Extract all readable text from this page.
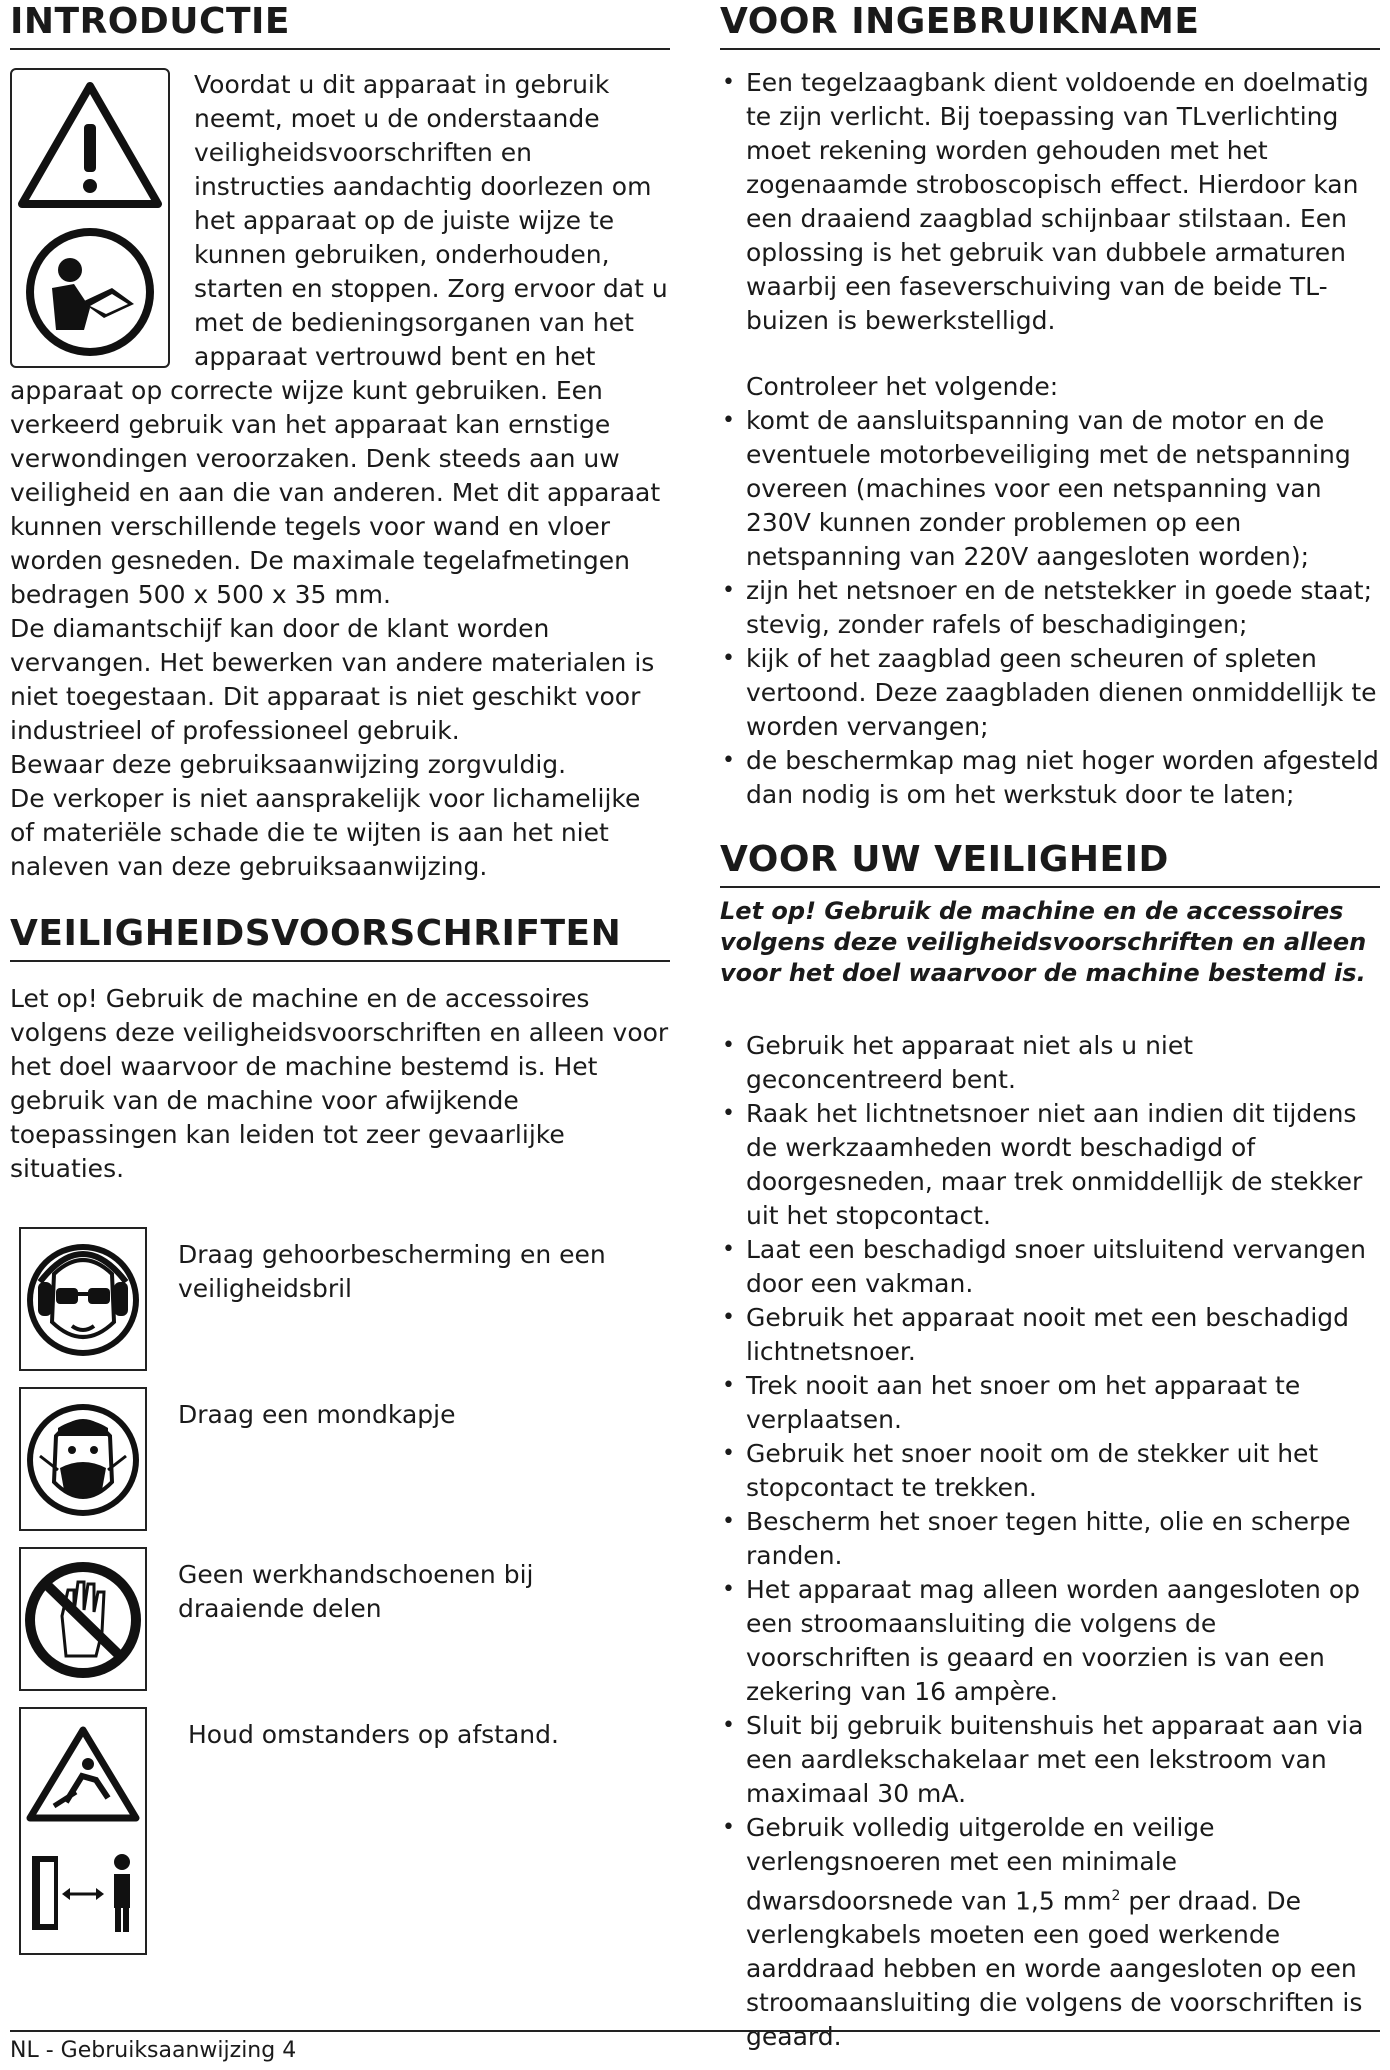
INTRODUCTIE

Voordat u dit apparaat in gebruik neemt, moet u de onderstaande veiligheidsvoorschriften en instructies aandachtig doorlezen om het apparaat op de juiste wijze te kunnen gebruiken, onderhouden, starten en stoppen. Zorg ervoor dat u met de bedieningsorganen van het apparaat vertrouwd bent en het apparaat op correcte wijze kunt gebruiken. Een verkeerd gebruik van het apparaat kan ernstige verwondingen veroorzaken. Denk steeds aan uw veiligheid en aan die van anderen. Met dit apparaat kunnen verschillende tegels voor wand en vloer worden gesneden. De maximale tegelafmetingen bedragen 500 x 500 x 35 mm.

De diamantschijf kan door de klant worden vervangen. Het bewerken van andere materialen is niet toegestaan. Dit apparaat is niet geschikt voor industrieel of professioneel gebruik.

Bewaar deze gebruiksaanwijzing zorgvuldig.

De verkoper is niet aansprakelijk voor lichamelijke of materiële schade die te wijten is aan het niet naleven van deze gebruiksaanwijzing.

VEILIGHEIDSVOORSCHRIFTEN

Let op! Gebruik de machine en de accessoires volgens deze veiligheidsvoorschriften en alleen voor het doel waarvoor de machine bestemd is. Het gebruik van de machine voor afwijkende toepassingen kan leiden tot zeer gevaarlijke situaties.

Draag gehoorbescherming en een veiligheidsbril
Draag een mondkapje
Geen werkhandschoenen bij draaiende delen
Houd omstanders op afstand.
VOOR INGEBRUIKNAME
• Een tegelzaagbank dient voldoende en doelmatig te zijn verlicht. Bij toepassing van TLverlichting moet rekening worden gehouden met het zogenaamde stroboscopisch effect. Hierdoor kan een draaiend zaagblad schijnbaar stilstaan. Een oplossing is het gebruik van dubbele armaturen waarbij een faseverschuiving van de beide TL-buizen is bewerkstelligd.

Controleer het volgende:

• komt de aansluitspanning van de motor en de eventuele motorbeveiliging met de netspanning overeen (machines voor een netspanning van 230V kunnen zonder problemen op een netspanning van 220V aangesloten worden);
• zijn het netsnoer en de netstekker in goede staat; stevig, zonder rafels of beschadigingen;
• kijk of het zaagblad geen scheuren of spleten vertoond. Deze zaagbladen dienen onmiddellijk te worden vervangen;
• de beschermkap mag niet hoger worden afgesteld dan nodig is om het werkstuk door te laten;
VOOR UW VEILIGHEID

Let op! Gebruik de machine en de accessoires volgens deze veiligheidsvoorschriften en alleen voor het doel waarvoor de machine bestemd is.

• Gebruik het apparaat niet als u niet geconcentreerd bent.
• Raak het lichtnetsnoer niet aan indien dit tijdens de werkzaamheden wordt beschadigd of doorgesneden, maar trek onmiddellijk de stekker uit het stopcontact.
• Laat een beschadigd snoer uitsluitend vervangen door een vakman.
• Gebruik het apparaat nooit met een beschadigd lichtnetsnoer.
• Trek nooit aan het snoer om het apparaat te verplaatsen.
• Gebruik het snoer nooit om de stekker uit het stopcontact te trekken.
• Bescherm het snoer tegen hitte, olie en scherpe randen.
• Het apparaat mag alleen worden aangesloten op een stroomaansluiting die volgens de voorschriften is geaard en voorzien is van een zekering van 16 ampère.
• Sluit bij gebruik buitenshuis het apparaat aan via een aardlekschakelaar met een lekstroom van maximaal 30 mA.
• Gebruik volledig uitgerolde en veilige verlengsnoeren met een minimale dwarsdoorsnede van 1,5 $mm^2$ per draad. De verlengkabels moeten een goed werkende aarddraad hebben en worde aangesloten op een stroomaansluiting die volgens de voorschriften is geaard.
NL - Gebruiksaanwijzing 4
